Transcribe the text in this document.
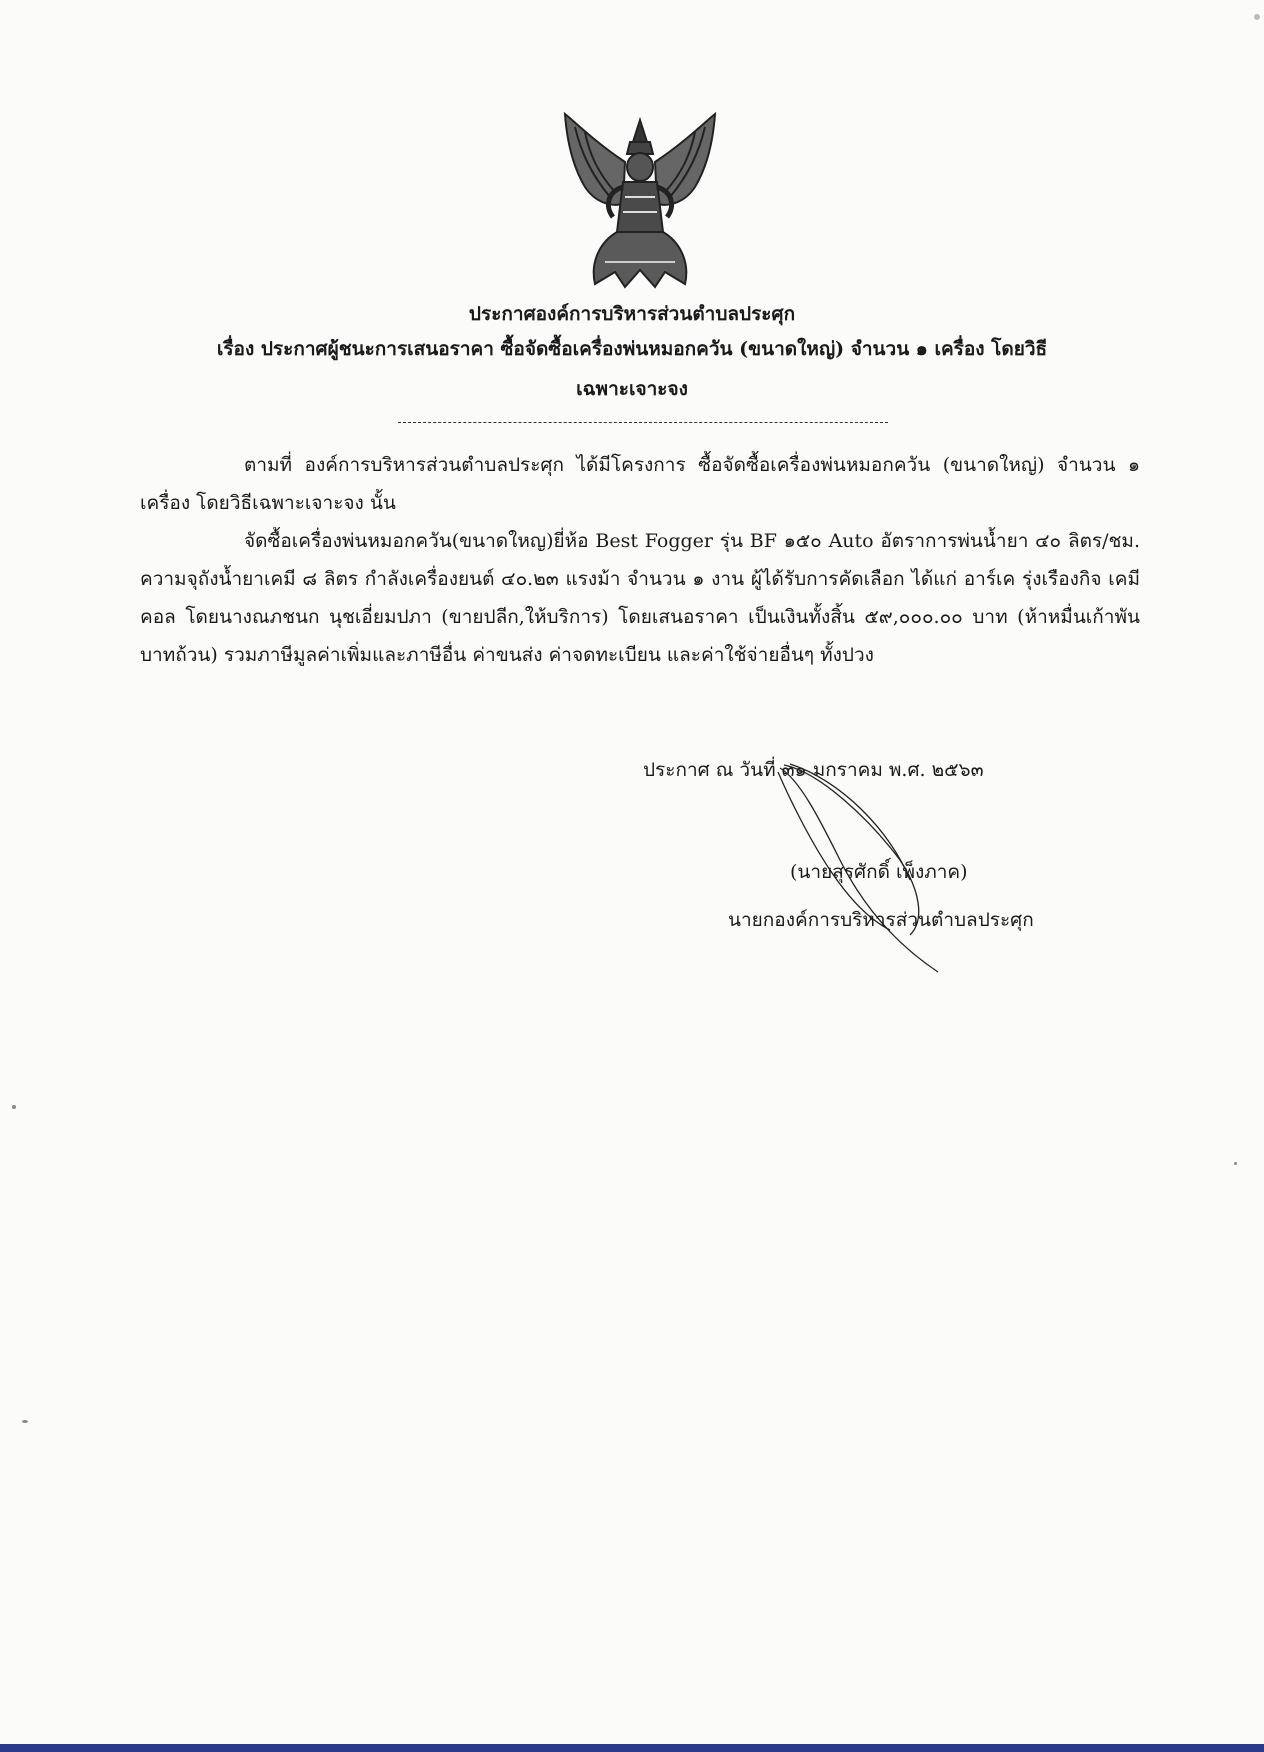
ประกาศองค์การบริหารส่วนตำบลประศุก
เรื่อง ประกาศผู้ชนะการเสนอราคา ซื้อจัดซื้อเครื่องพ่นหมอกควัน (ขนาดใหญ่) จำนวน ๑ เครื่อง โดยวิธี
เฉพาะเจาะจง
ตามที่ องค์การบริหารส่วนตำบลประศุก ได้มีโครงการ ซื้อจัดซื้อเครื่องพ่นหมอกควัน (ขนาดใหญ่) จำนวน ๑ เครื่อง โดยวิธีเฉพาะเจาะจง นั้น
จัดซื้อเครื่องพ่นหมอกควัน(ขนาดใหญ)ยี่ห้อ Best Fogger รุ่น BF ๑๕๐ Auto อัตราการพ่นน้ำยา ๔๐ ลิตร/ชม. ความจุถังน้ำยาเคมี ๘ ลิตร กำลังเครื่องยนต์ ๔๐.๒๓ แรงม้า จำนวน ๑ งาน ผู้ได้รับการคัดเลือก ได้แก่ อาร์เค รุ่งเรืองกิจ เคมีคอล โดยนางณภชนก นุชเอี่ยมปภา (ขายปลีก,ให้บริการ) โดยเสนอราคา เป็นเงินทั้งสิ้น ๕๙,๐๐๐.๐๐ บาท (ห้าหมื่นเก้าพันบาทถ้วน) รวมภาษีมูลค่าเพิ่มและภาษีอื่น ค่าขนส่ง ค่าจดทะเบียน และค่าใช้จ่ายอื่นๆ ทั้งปวง
ประกาศ ณ วันที่ ๓๑ มกราคม พ.ศ. ๒๕๖๓
(นายสุรศักดิ์ เพ็งภาค)
นายกองค์การบริหารส่วนตำบลประศุก
